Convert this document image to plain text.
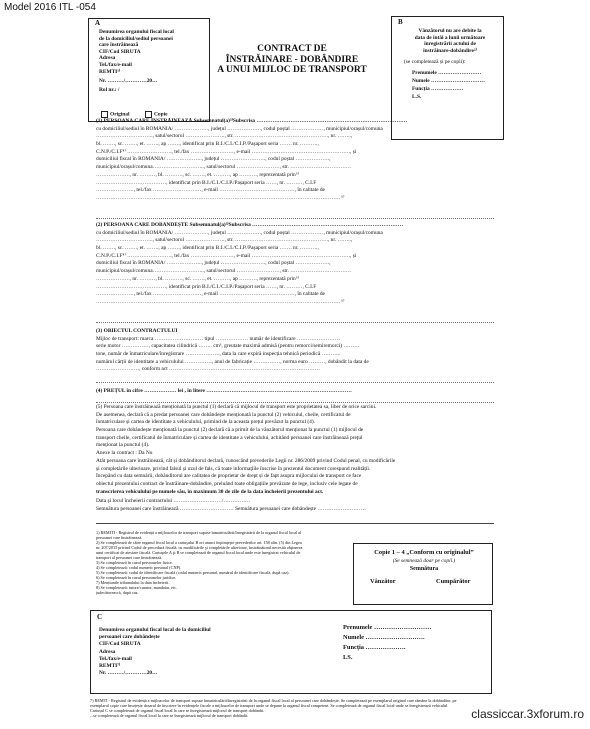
Model 2016 ITL -054
A
Denumirea organului fiscal local
de la domiciliul/sediul persoanei
care înstrăinează
CIF/Cod SIRUTA
Adresa
Tel./fax/e-mail
REMTI¹⁾
Nr. ………/…………20…
Rol nr.: /
Original	Copie
CONTRACT DE
ÎNSTRĂINARE - DOBÂNDIRE
A UNUI MIJLOC DE TRANSPORT
B
Vânzătorul nu are debite la
data de întâi a lunii următoare
înregistrării actului de
înstrăinare-dobândire²⁾
(se completează și pe copii):
Prenumele ……………………
Numele …………………………
Funcția ………………
L.S.
(1) PERSOANA CARE ÎNSTRĂINEAZĂ Subsemnatul(a)³⁾Subscrisa …………………………………………………………………………
cu domiciliul/sediul în ROMÂNIA/ ………………., județul ………………., codul poștal ………………, municipiul/orașul/comuna
………………………….., satul/sectorul …………………., str. ……………………………………………., nr. ……..,
bl. ……., sc. ……., et. ……., ap ……., identificat prin B.I./C.I./C.I.P./Pașaport seria ……. nr. ……….,
C.N.P./C.I.F⁴⁾ ……………………., tel./fax ……………………, e-mail ………………………………………………., și
domiciliul fiscal în ROMÂNIA/ ……………….., județul ……………………., codul poștal ……………….,
municipiul/orașul/comuna……………………….., satul/sectorul ……………………, str. …………………………….
………………., nr. ………, bl. ………., sc. ……., et. ………, ap ………., reprezentată prin⁵⁾
…………………………………, identificat prin B.I./C.I./C.I.P./Pașaport seria ……, nr. ………, C.I.F
…………………, tel./fax ………………………, e-mail ……………………………………, în calitate de
………………………………………………………………………………………………………………………. ⁶⁾
(2) PERSOANA CARE DOBÂNDEȘTE Subsemnatul(a)³⁾Subscrisa …………………………………………………………………………
cu domiciliul/sediul în ROMÂNIA/ ………………., județul ………………., codul poștal ………………, municipiul/orașul/comuna
………………………….., satul/sectorul …………………., str. ……………………………………………., nr. ……..,
bl. ……., sc. ……., et. ……., ap ……., identificat prin B.I./C.I./C.I.P./Pașaport seria ……. nr. ……….,
C.N.P./C.I.F⁴⁾ ……………………., tel./fax ……………………, e-mail ………………………………………………., și
domiciliul fiscal în ROMÂNIA/ ……………….., județul ……………………., codul poștal ……………….,
municipiul/orașul/comuna……………………….., satul/sectorul ……………………, str. …………………………….
………………., nr. ………, bl. ………., sc. ……., et. ………, ap ………., reprezentată prin⁵⁾
…………………………………, identificat prin B.I./C.I./C.I.P./Pașaport seria ……, nr. ………, C.I.F
…………………, tel./fax ………………………, e-mail ……………………………………, în calitate de
………………………………………………………………………………………………………………………. ⁶⁾
(3) OBIECTUL CONTRACTULUI
Mijloc de transport: marca ……………………… tipul ……………… număr de identificare ……………………
serie motor ……………, capacitatea cilindrică …….. cm³, greutate maximă admisă (pentru remorci/semiremorci) ………
tone, număr de înmatriculare/înregistrare ………………., data la care expiră inspecția tehnică periodică ………..
numărul cărții de identitate a vehiculului ……………, anul de fabricație ……………, norma euro ………, dobândit la data de
……………………, conform act …………………………………………………………………………
(4) PREȚUL în cifre ……………… lei , în litere ………………………………………………………………………
(5) Persoana care înstrăinează menționată la punctul (1) declară că mijlocul de transport este proprietatea sa, liber de orice sarcini.
De asemenea, declară că a predat persoanei care dobândește menționată la punctul (2) vehiculul, cheile, certificatul de
înmatriculare și cartea de identitate a vehiculului, primind de la aceasta prețul prevăzut la punctul (4).
Persoana care dobândește menționată la punctul (2) declară că a primit de la vânzătorul menționat la punctul (1) mijlocul de
transport cheile, certificatul de înmatriculare și cartea de identitate a vehiculului, achitând persoanei care înstrăinează prețul
menționat la punctul (4).
Anexe la contract : Da Nu
Atât persoana care înstrăinează, cât și dobânditorul declară, cunoscând prevederile Legii nr. 286/2009 privind Codul penal, cu modificările
și completările ulterioare, privind falsul și uzul de fals, că toate informațiile înscrise în prezentul document corespund realității.
Începând cu data semnării, dobânditorul are calitatea de proprietar de drept și de fapt asupra mijlocului de transport ce face
obiectul prezentului contract de înstrăinare-dobândire, preluând toate obligațiile prevăzute de lege, inclusiv cele legate de
transcrierea vehiculului pe numele său, în maximum 30 de zile de la data încheierii prezentului act.
Data și locul încheierii contractului ………………………/……………
Semnătura persoanei care înstrăinează ………………………… Semnătura persoanei care dobândește ………………………
1) REMITI - Registrul de evidență a mijloacelor de transport supuse înmatriculării/înregistrării de la organul fiscal local al
persoanei care înstrăinează.
2) Se completează de către organul fiscal local a cartuşului B ori atunci înştiinţeşte prevederilor art. 158 alin. (5) din Legea
nr. 207/2015 privind Codul de procedură fiscală, cu modificările şi completările ulterioare, înstrăinătorul necesită obţinerea
unui certificat de atestare fiscală. Cartuşele A şi B se completează de organul fiscal local unde este înregistrat vehiculul de
transport al persoanei care înstrăinează.
3) Se completează în cazul persoanelor fizice.
4) Se completează: codul numeric personal (CNP).
5) Se completează: codul de identificare fiscală (codul numeric personal, numărul de identificare fiscală, după caz).
6) Se completează în cazul persoanelor juridice.
7) Mențiunile tribunalului la data încheierii.
8) Se completează: tutore/curator, mandatar, etc.
judecătorească, după caz.
Copie 1 – 4 „Conform cu originalul”
(Se semnează doar pe copii.)
Semnătura
Vânzător	Cumpărător
C
Denumirea organului fiscal local de la domiciliul
persoanei care dobândește
CIF/Cod SIRUTA
Adresa
Tel./fax/e-mail
REMTI⁷⁾
Nr. ………/…………20…
Prenumele ………………………
Numele ……………………….
Funcția ……………….
LS.
7) REMTI - Registrul de evidență a mijloacelor de transport supuse înmatriculării/înregistrării de la organul fiscal local al persoanei care dobândește. Se completează pe exemplarul original care rămâne la dobânditor, pe
exemplarul copie care însoțește dosarul de înscriere în evidențele fiscale a mijloacelor de transport unde se depune la organul fiscal competent. Se completează de organul fiscal local unde se înregistrează vehiculul
Cartușul C se completează de organul fiscal local la care se înregistrează mijlocul de transport dobândit.
...se completează de organul fiscal local la care se înregistrează mijlocul de transport dobândit.	classiccar.3xforum.ro
